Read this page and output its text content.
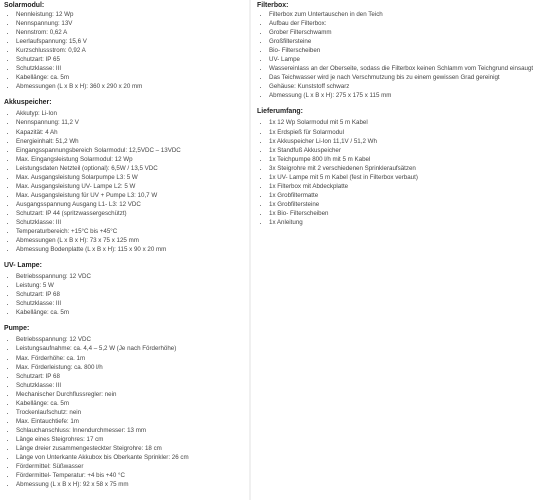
Solarmodul:
• Nennleistung: 12 Wp
• Nennspannung: 13V
• Nennstrom: 0,62 A
• Leerlaufspannung: 15,6 V
• Kurzschlussstrom: 0,92 A
• Schutzart: IP 65
• Schutzklasse: III
• Kabellänge: ca. 5m
• Abmessungen (L x B x H): 360 x 290 x 20 mm
Akkuspeicher:
• Akkutyp: Li-Ion
• Nennspannung: 11,2 V
• Kapazität: 4 Ah
• Energieinhalt: 51,2 Wh
• Eingangsspannungsbereich Solarmodul: 12,5VDC – 13VDC
• Max. Eingangsleistung Solarmodul: 12 Wp
• Leistungsdaten Netzteil (optional): 6,5W / 13,5 VDC
• Max. Ausgangsleistung Solarpumpe L3: 5 W
• Max. Ausgangsleistung UV- Lampe L2: 5 W
• Max. Ausgangsleistung für UV + Pumpe L3: 10,7 W
• Ausgangsspannung Ausgang L1- L3: 12 VDC
• Schutzart: IP 44 (spritzwassergeschützt)
• Schutzklasse: III
• Temperaturbereich: +15°C bis +45°C
• Abmessungen (L x B x H): 73 x 75 x 125 mm
• Abmessung Bodenplatte (L x B x H): 115 x 90 x 20 mm
UV- Lampe:
• Betriebsspannung: 12 VDC
• Leistung: 5 W
• Schutzart: IP 68
• Schutzklasse: III
• Kabellänge: ca. 5m
Pumpe:
• Betriebsspannung: 12 VDC
• Leistungsaufnahme: ca. 4,4 – 5,2 W (Je nach Förderhöhe)
• Max. Förderhöhe: ca. 1m
• Max. Förderleistung: ca. 800 l/h
• Schutzart: IP 68
• Schutzklasse: III
• Mechanischer Durchflussregler: nein
• Kabellänge: ca. 5m
• Trockenlaufschutz: nein
• Max. Eintauchtiefe: 1m
• Schlauchanschluss: Innendurchmesser: 13 mm
• Länge eines Steigrohres: 17 cm
• Länge dreier zusammengesteckter Steigrohre: 18 cm
• Länge von Unterkante Akkubox bis Oberkante Sprinkler: 26 cm
• Fördermittel: Süßwasser
• Fördermittel- Temperatur: +4 bis +40 °C
• Abmessung (L x B x H): 92 x 58 x 75 mm
Filterbox:
• Filterbox zum Untertauschen in den Teich
• Aufbau der Filterbox:
• Grober Filterschwamm
• Großfiltersteine
• Bio- Filterscheiben
• UV- Lampe
• Wassereinlass an der Oberseite, sodass die Filterbox keinen Schlamm vom Teichgrund einsaugt
• Das Teichwasser wird je nach Verschmutzung bis zu einem gewissen Grad gereinigt
• Gehäuse: Kunststoff schwarz
• Abmessung (L x B x H): 275 x 175 x 115 mm
Lieferumfang:
• 1x 12 Wp Solarmodul mit 5 m Kabel
• 1x Erdspieß für Solarmodul
• 1x Akkuspeicher Li-Ion 11,1V / 51,2 Wh
• 1x Standfuß Akkuspeicher
• 1x Teichpumpe 800 l/h mit 5 m Kabel
• 3x Steigrohre mit 2 verschiedenen Sprinkleraufsätzen
• 1x UV- Lampe mit 5 m Kabel (fest in Filterbox verbaut)
• 1x Filterbox mit Abdeckplatte
• 1x Grobfiltermatte
• 1x Grobfiltersteine
• 1x Bio- Filterscheiben
• 1x Anleitung
